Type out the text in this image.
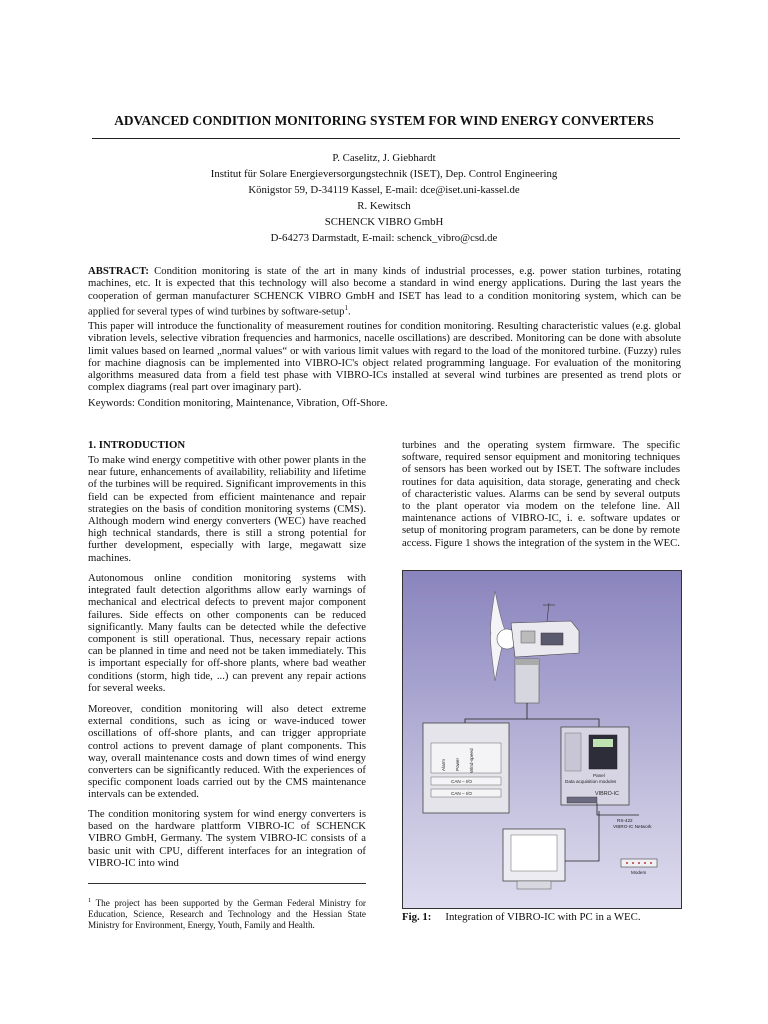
ADVANCED CONDITION MONITORING SYSTEM FOR WIND ENERGY CONVERTERS
P. Caselitz, J. Giebhardt
Institut für Solare Energieversorgungstechnik (ISET), Dep. Control Engineering
Königstor 59, D-34119 Kassel, E-mail: dce@iset.uni-kassel.de
R. Kewitsch
SCHENCK VIBRO GmbH
D-64273 Darmstadt, E-mail: schenck_vibro@csd.de
ABSTRACT: Condition monitoring is state of the art in many kinds of industrial processes, e.g. power station turbines, rotating machines, etc. It is expected that this technology will also become a standard in wind energy applications. During the last years the cooperation of german manufacturer SCHENCK VIBRO GmbH and ISET has lead to a condition monitoring system, which can be applied for several types of wind turbines by software-setup$^1$.
This paper will introduce the functionality of measurement routines for condition monitoring. Resulting characteristic values (e.g. global vibration levels, selective vibration frequencies and harmonics, nacelle oscillations) are described. Monitoring can be done with absolute limit values based on learned „normal values“ or with various limit values with regard to the load of the monitored turbine. (Fuzzy) rules for machine diagnosis can be implemented into VIBRO-IC's object related programming language. For evaluation of the monitoring algorithms measured data from a field test phase with VIBRO-ICs installed at several wind turbines are presented as trend plots or complex diagrams (real part over imaginary part).
Keywords: Condition monitoring, Maintenance, Vibration, Off-Shore.
1. INTRODUCTION
To make wind energy competitive with other power plants in the near future, enhancements of availability, reliability and lifetime of the turbines will be required. Significant improvements in this field can be expected from efficient maintenance and repair strategies on the basis of condition monitoring systems (CMS). Although modern wind energy converters (WEC) have reached high technical standards, there is still a strong potential for further development, especially with large, megawatt size machines.
Autonomous online condition monitoring systems with integrated fault detection algorithms allow early warnings of mechanical and electrical defects to prevent major component failures. Side effects on other components can be reduced significantly. Many faults can be detected while the defective component is still operational. Thus, necessary repair actions can be planned in time and need not be taken immediately. This is important especially for off-shore plants, where bad weather conditions (storm, high tide, ...) can prevent any repair actions for several weeks.
Moreover, condition monitoring will also detect extreme external conditions, such as icing or wave-induced tower oscillations of off-shore plants, and can trigger appropriate control actions to prevent damage of plant components. This way, overall maintenance costs and down times of wind energy converters can be significantly reduced. With the experiences of specific component loads carried out by the CMS maintenance intervals can be extended.
The condition monitoring system for wind energy converters is based on the hardware plattform VIBRO-IC of SCHENCK VIBRO GmbH, Germany. The system VIBRO-IC consists of a basic unit with CPU, different interfaces for an integration of VIBRO-IC into wind
$^1$ The project has been supported by the German Federal Ministry for Education, Science, Research and Technology and the Hessian State Ministry for Environment, Energy, Youth, Family and Health.
turbines and the operating system firmware. The specific software, required sensor equipment and monitoring techniques of sensors has been worked out by ISET. The software includes routines for data aquisition, data storage, generating and check of characteristic values. Alarms can be send by several outputs to the plant operator via modem on the telefone line. All maintenance actions of VIBRO-IC, i. e. software updates or setup of monitoring program parameters, can be done by remote access. Figure 1 shows the integration of the system in the WEC.
Alarm Power Wind-speed
CAN – I/O
CAN – I/O
Panel
Data acquisition modules
VIBRO-IC
RS-422
VIBRO-IC Network
Modem
Fig. 1: Integration of VIBRO-IC with PC in a WEC.
